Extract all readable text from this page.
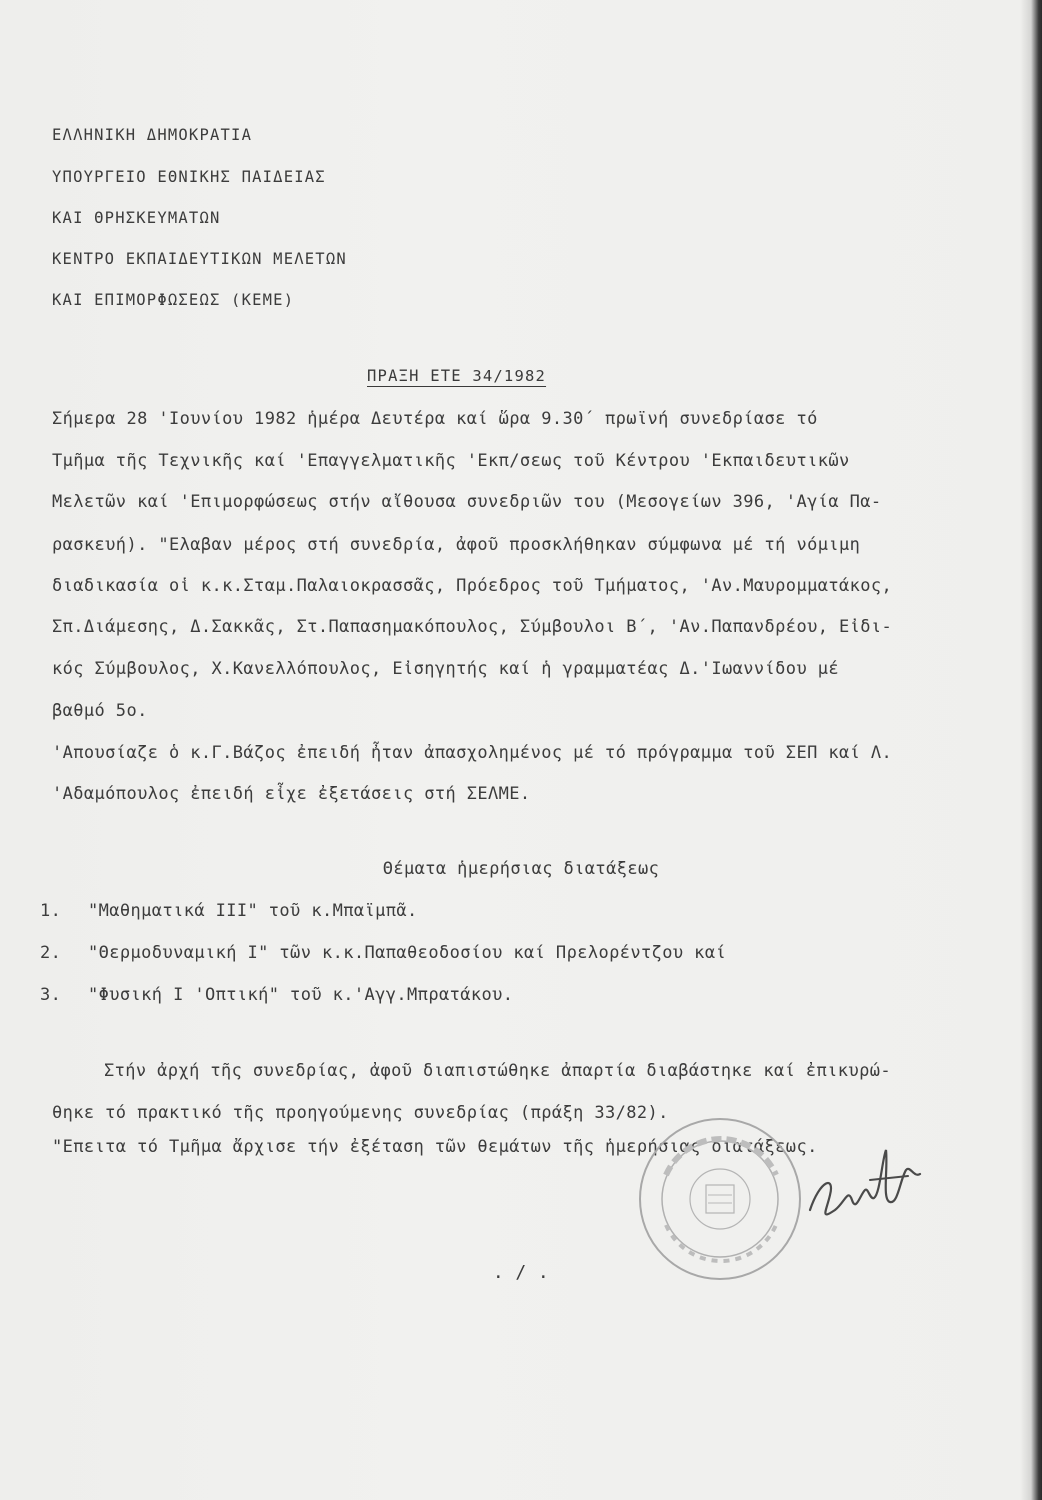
ΕΛΛΗΝΙΚΗ ΔΗΜΟΚΡΑΤΙΑ
ΥΠΟΥΡΓΕΙΟ ΕΘΝΙΚΗΣ ΠΑΙΔΕΙΑΣ
ΚΑΙ ΘΡΗΣΚΕΥΜΑΤΩΝ
ΚΕΝΤΡΟ ΕΚΠΑΙΔΕΥΤΙΚΩΝ ΜΕΛΕΤΩΝ
ΚΑΙ ΕΠΙΜΟΡΦΩΣΕΩΣ (ΚΕΜΕ)
ΠΡΑΞΗ ΕΤΕ 34/1982
Σήμερα 28 'Ιουνίου 1982 ἡμέρα Δευτέρα καί ὥρα 9.30΄ πρωϊνή συνεδρίασε τό
Τμῆμα τῆς Τεχνικῆς καί 'Επαγγελματικῆς 'Εκπ/σεως τοῦ Κέντρου 'Εκπαιδευτικῶν
Μελετῶν καί 'Επιμορφώσεως στήν αἴθουσα συνεδριῶν του (Μεσογείων 396, 'Αγία Πα-
ρασκευή). "Ελαβαν μέρος στή συνεδρία, ἀφοῦ προσκλήθηκαν σύμφωνα μέ τή νόμιμη
διαδικασία οἱ κ.κ.Σταμ.Παλαιοκρασσᾶς, Πρόεδρος τοῦ Τμήματος, 'Αν.Μαυρομματάκος,
Σπ.Διάμεσης, Δ.Σακκᾶς, Στ.Παπασημακόπουλος, Σύμβουλοι Β΄, 'Αν.Παπανδρέου, Εἰδι-
κός Σύμβουλος, Χ.Κανελλόπουλος, Εἰσηγητής καί ἡ γραμματέας Δ.'Ιωαννίδου μέ
βαθμό 5ο.
'Απουσίαζε ὁ κ.Γ.Βάζος ἐπειδή ἦταν ἀπασχολημένος μέ τό πρόγραμμα τοῦ ΣΕΠ καί Λ.
'Αδαμόπουλος ἐπειδή εἶχε ἐξετάσεις στή ΣΕΛΜΕ.
Θέματα ἡμερήσιας διατάξεως
1. "Μαθηματικά III" τοῦ κ.Μπαϊμπᾶ.
2. "Θερμοδυναμική I" τῶν κ.κ.Παπαθεοδοσίου καί Πρελορέντζου καί
3. "Φυσική I 'Οπτική" τοῦ κ.'Αγγ.Μπρατάκου.
Στήν ἀρχή τῆς συνεδρίας, ἀφοῦ διαπιστώθηκε ἀπαρτία διαβάστηκε καί ἐπικυρώ-
θηκε τό πρακτικό τῆς προηγούμενης συνεδρίας (πράξη 33/82).
"Επειτα τό Τμῆμα ἄρχισε τήν ἐξέταση τῶν θεμάτων τῆς ἡμερήσιας διατάξεως.
. / .
